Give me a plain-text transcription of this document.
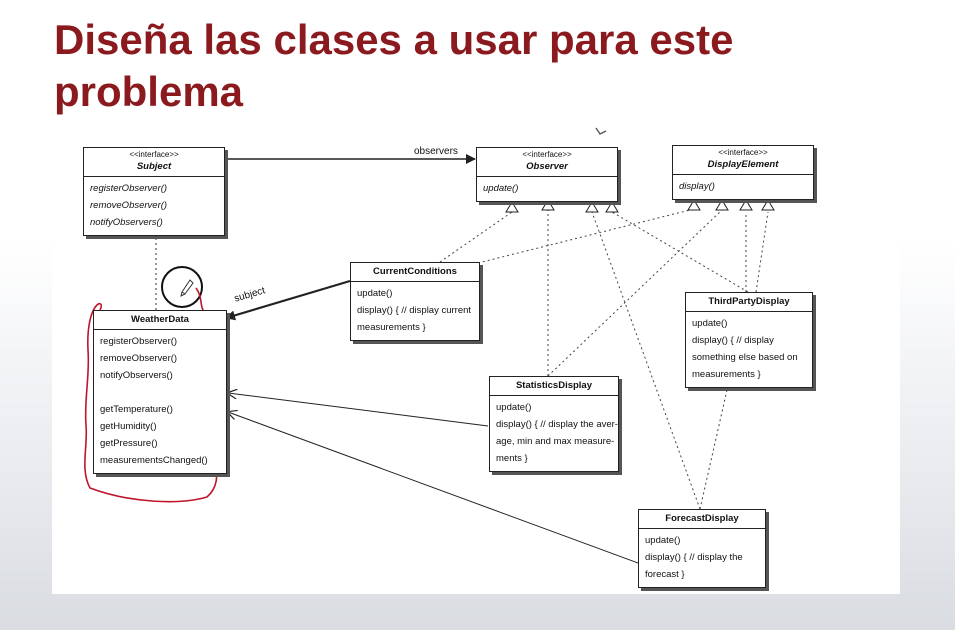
Diseña las clases a usar para este problema
observers
subject
<<interface>>
Subject
registerObserver()
removeObserver()
notifyObservers()
<<interface>>
Observer
update()
<<interface>>
DisplayElement
display()
CurrentConditions
update()
display() { // display current
measurements }
WeatherData
registerObserver()
removeObserver()
notifyObservers()
getTemperature()
getHumidity()
getPressure()
measurementsChanged()
ThirdPartyDisplay
update()
display() { // display
something else based on
measurements }
StatisticsDisplay
update()
display() { // display the aver-
age, min and max measure-
ments }
ForecastDisplay
update()
display() { // display the
forecast }
